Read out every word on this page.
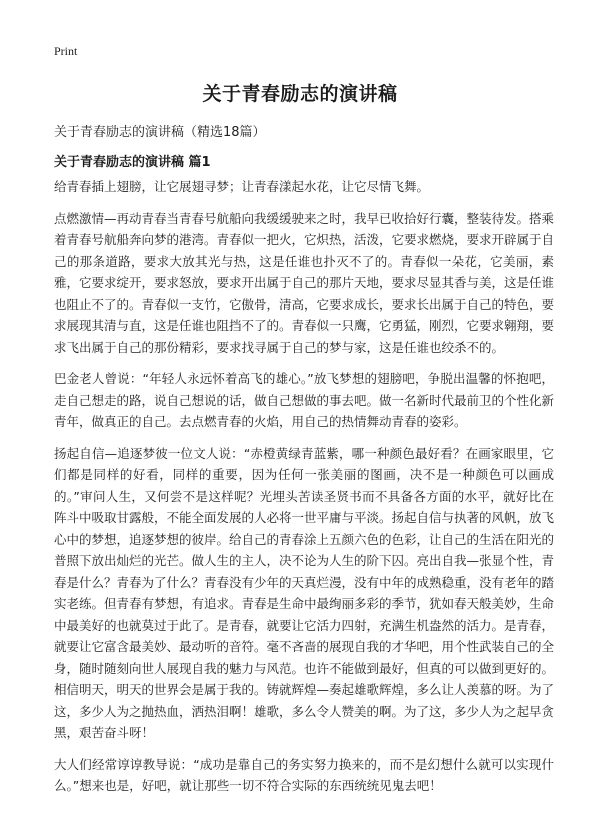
Print
关于青春励志的演讲稿
关于青春励志的演讲稿（精选18篇）
关于青春励志的演讲稿 篇1

给青春插上翅膀，让它展翅寻梦；让青春漾起水花，让它尽情飞舞。

点燃激情—再动青春当青春号航船向我缓缓驶来之时，我早已收拾好行囊，整装待发。搭乘着青春号航船奔向梦的港湾。青春似一把火，它炽热，活泼，它要求燃烧，要求开辟属于自己的那条道路，要求大放其光与热，这是任谁也扑灭不了的。青春似一朵花，它美丽，素雅，它要求绽开，要求怒放，要求开出属于自己的那片天地，要求尽显其香与美，这是任谁也阻止不了的。青春似一支竹，它傲骨，清高，它要求成长，要求长出属于自己的特色，要求展现其清与直，这是任谁也阻挡不了的。青春似一只鹰，它勇猛，刚烈，它要求翱翔，要求飞出属于自己的那份精彩，要求找寻属于自己的梦与家，这是任谁也绞杀不的。

巴金老人曾说：“年轻人永远怀着高飞的雄心。”放飞梦想的翅膀吧，争脱出温馨的怀抱吧，走自己想走的路，说自己想说的话，做自己想做的事去吧。做一名新时代最前卫的个性化新青年，做真正的自己。去点燃青春的火焰，用自己的热情舞动青春的姿彩。

扬起自信—追逐梦彼一位文人说：“赤橙黄绿青蓝紫，哪一种颜色最好看？在画家眼里，它们都是同样的好看，同样的重要，因为任何一张美丽的图画，决不是一种颜色可以画成的。”审问人生，又何尝不是这样呢？光埋头苦读圣贤书而不具备各方面的水平，就好比在阵斗中吸取甘露般，不能全面发展的人必将一世平庸与平淡。扬起自信与执著的风帆，放飞心中的梦想，追逐梦想的彼岸。给自己的青春涂上五颜六色的色彩，让自己的生活在阳光的普照下放出灿烂的光芒。做人生的主人，决不论为人生的阶下囚。亮出自我—张显个性，青春是什么？青春为了什么？青春没有少年的天真烂漫，没有中年的成熟稳重，没有老年的踏实老练。但青春有梦想，有追求。青春是生命中最绚丽多彩的季节，犹如春天般美妙，生命中最美好的也就莫过于此了。是青春，就要让它活力四射，充满生机盎然的活力。是青春，就要让它富含最美妙、最动听的音符。毫不吝啬的展现自我的才华吧，用个性武装自己的全身，随时随刻向世人展现自我的魅力与风范。也许不能做到最好，但真的可以做到更好的。相信明天，明天的世界会是属于我的。铸就辉煌—奏起雄歌辉煌，多么让人羡慕的呀。为了这，多少人为之抛热血，洒热泪啊！雄歌，多么令人赞美的啊。为了这，多少人为之起早贪黑，艰苦奋斗呀！

大人们经常谆谆教导说：“成功是靠自己的务实努力换来的，而不是幻想什么就可以实现什么。”想来也是，好吧，就让那些一切不符合实际的东西统统见鬼去吧！
